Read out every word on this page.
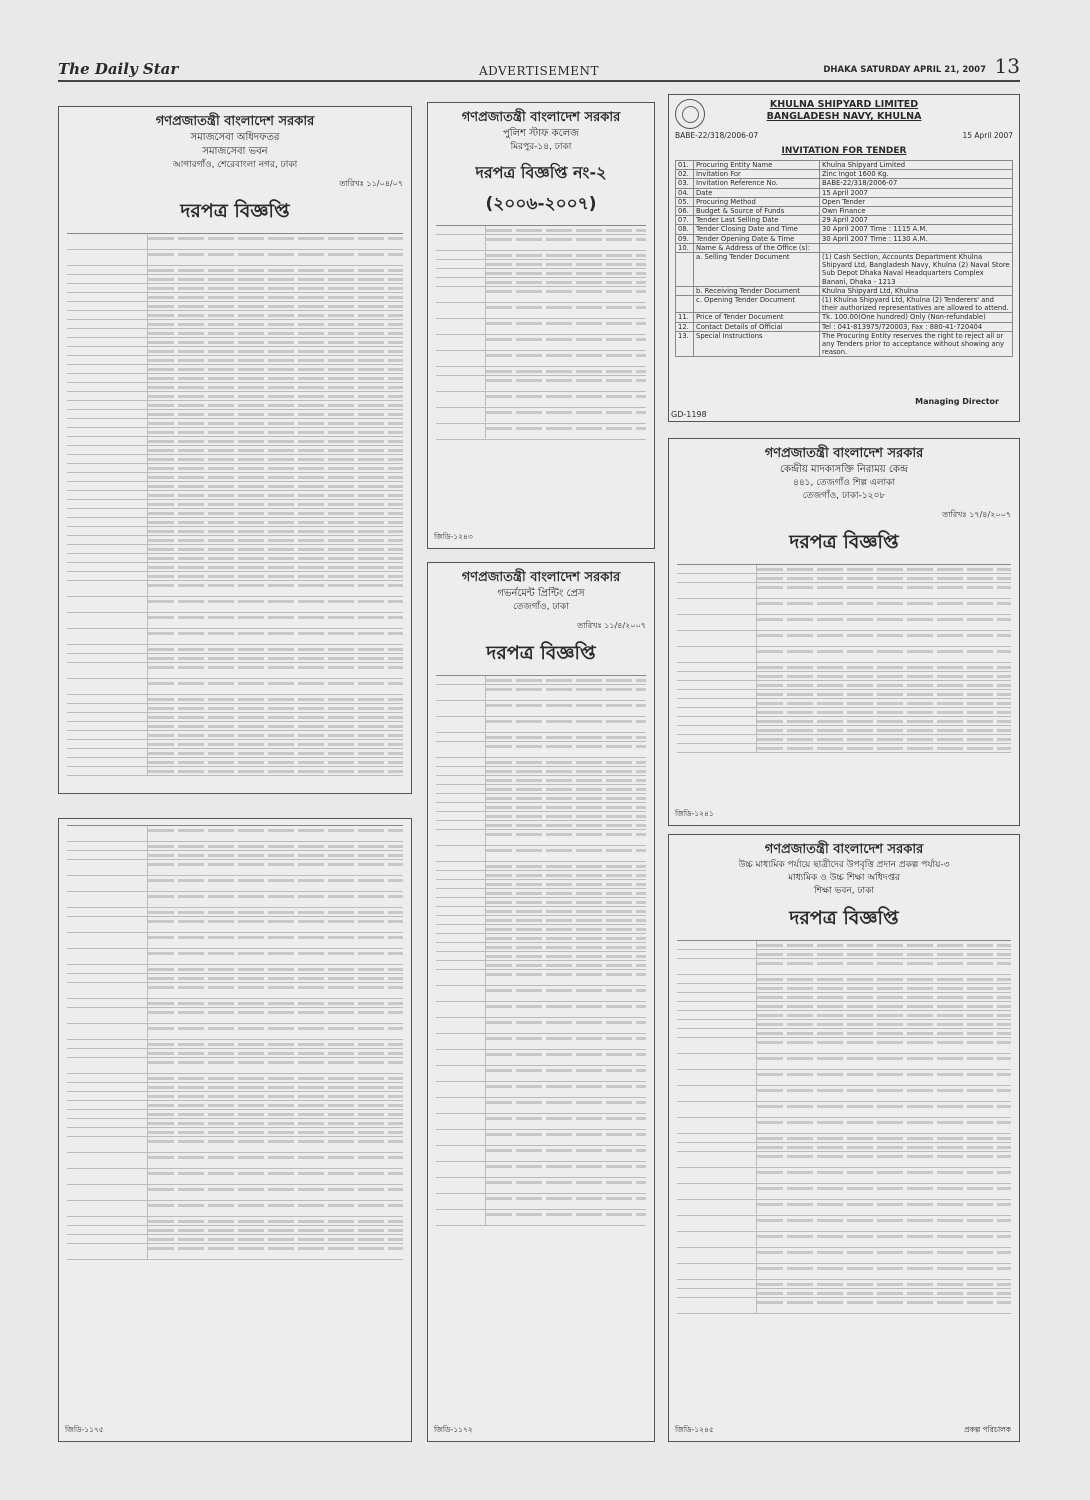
The Daily Star	ADVERTISEMENT	DHAKA SATURDAY APRIL 21, 2007 13
গণপ্রজাতন্ত্রী বাংলাদেশ সরকার
সমাজসেবা অধিদফতর
সমাজসেবা ভবন
আগারগাঁও, শেরেবাংলা নগর, ঢাকা
তারিখঃ ১১/০৪/০৭
দরপত্র বিজ্ঞপ্তি
জিডি-১১৭৫
গণপ্রজাতন্ত্রী বাংলাদেশ সরকার
পুলিশ স্টাফ কলেজ
মিরপুর-১৪, ঢাকা
দরপত্র বিজ্ঞপ্তি নং-২
(২০০৬-২০০৭)
জিডি-১২৪৩
গণপ্রজাতন্ত্রী বাংলাদেশ সরকার
গভর্নমেন্ট প্রিন্টিং প্রেস
তেজগাঁও, ঢাকা
তারিখঃ ১১/৪/২০০৭
দরপত্র বিজ্ঞপ্তি
জিডি-১১৭২
KHULNA SHIPYARD LIMITED
BANGLADESH NAVY, KHULNA
BABE-22/318/2006-07	15 April 2007
INVITATION FOR TENDER
01.	Procuring Entity Name	Khulna Shipyard Limited
02.	Invitation For	Zinc Ingot 1600 Kg.
03.	Invitation Reference No.	BABE-22/318/2006-07
04.	Date	15 April 2007
05.	Procuring Method	Open Tender
06.	Budget & Source of Funds	Own Finance
07.	Tender Last Selling Date	29 April 2007
08.	Tender Closing Date and Time	30 April 2007 Time : 1115 A.M.
09.	Tender Opening Date & Time	30 April 2007 Time : 1130 A.M.
10.	Name & Address of the Office (s):	
	a. Selling Tender Document	(1) Cash Section, Accounts Department Khulna Shipyard Ltd, Bangladesh Navy, Khulna (2) Naval Store Sub Depot Dhaka Naval Headquarters Complex Banani, Dhaka - 1213
	b. Receiving Tender Document	Khulna Shipyard Ltd, Khulna
	c. Opening Tender Document	(1) Khulna Shipyard Ltd, Khulna (2) Tenderers' and their authorized representatives are allowed to attend.
11.	Price of Tender Document	Tk. 100.00(One hundred) Only (Non-refundable)
12.	Contact Details of Official	Tel : 041-813975/720003, Fax : 880-41-720404
13.	Special Instructions	The Procuring Entity reserves the right to reject all or any Tenders prior to acceptance without showing any reason.
Managing Director
GD-1198
গণপ্রজাতন্ত্রী বাংলাদেশ সরকার
কেন্দ্রীয় মাদকাসক্তি নিরাময় কেন্দ্র
৪৪১, তেজগাঁও শিল্প এলাকা
তেজগাঁও, ঢাকা-১২০৮
তারিখঃ ১৭/৪/২০০৭
দরপত্র বিজ্ঞপ্তি
জিডি-১২৪১
গণপ্রজাতন্ত্রী বাংলাদেশ সরকার
উচ্চ মাধ্যমিক পর্যায়ে ছাত্রীদের উপবৃত্তি প্রদান প্রকল্প পর্যায়-৩
মাধ্যমিক ও উচ্চ শিক্ষা অধিদপ্তর
শিক্ষা ভবন, ঢাকা
দরপত্র বিজ্ঞপ্তি
জিডি-১২৪৫	প্রকল্প পরিচালক
